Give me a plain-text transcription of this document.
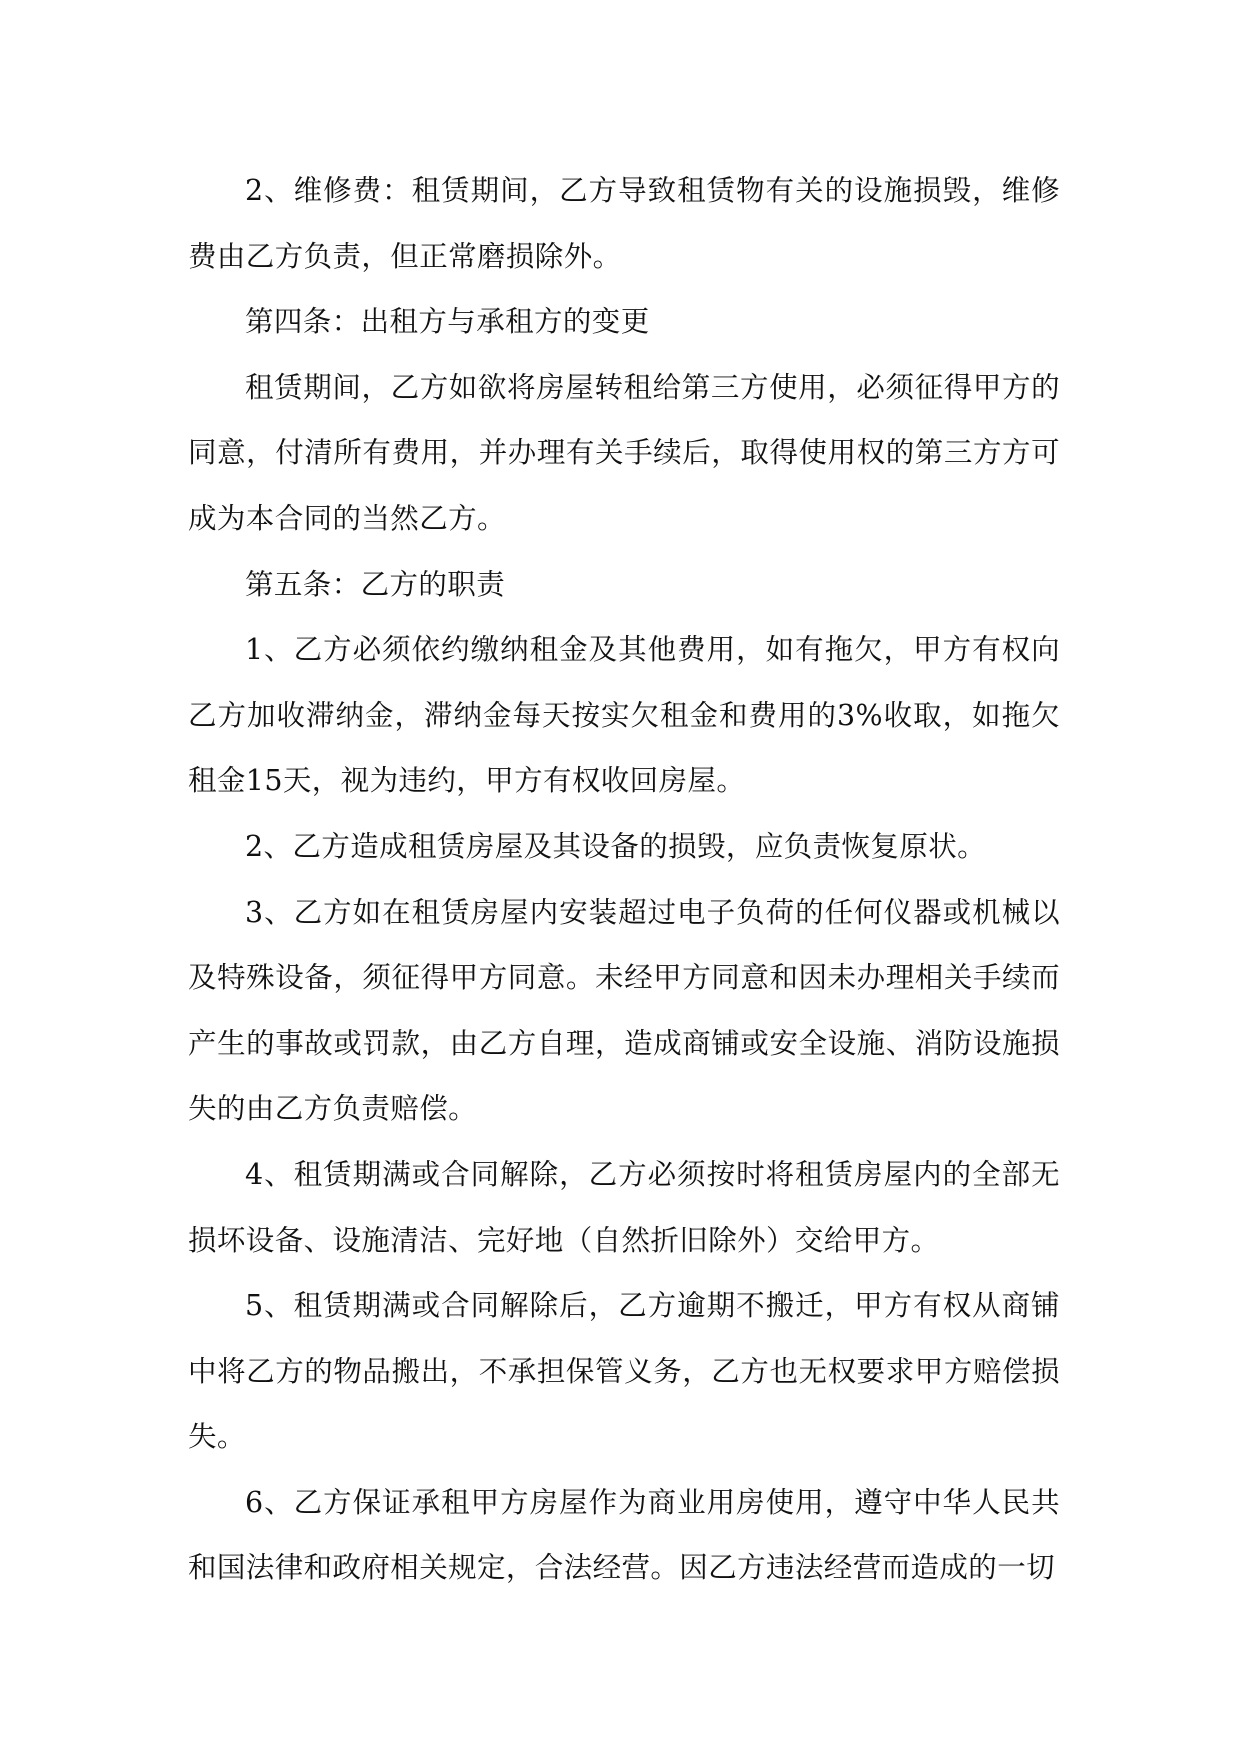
2、维修费：租赁期间，乙方导致租赁物有关的设施损毁，维修费由乙方负责，但正常磨损除外。

第四条：出租方与承租方的变更

租赁期间，乙方如欲将房屋转租给第三方使用，必须征得甲方的同意，付清所有费用，并办理有关手续后，取得使用权的第三方方可成为本合同的当然乙方。

第五条：乙方的职责

1、乙方必须依约缴纳租金及其他费用，如有拖欠，甲方有权向乙方加收滞纳金，滞纳金每天按实欠租金和费用的3%收取，如拖欠租金15天，视为违约，甲方有权收回房屋。

2、乙方造成租赁房屋及其设备的损毁，应负责恢复原状。

3、乙方如在租赁房屋内安装超过电子负荷的任何仪器或机械以及特殊设备，须征得甲方同意。未经甲方同意和因未办理相关手续而产生的事故或罚款，由乙方自理，造成商铺或安全设施、消防设施损失的由乙方负责赔偿。

4、租赁期满或合同解除，乙方必须按时将租赁房屋内的全部无损坏设备、设施清洁、完好地（自然折旧除外）交给甲方。

5、租赁期满或合同解除后，乙方逾期不搬迁，甲方有权从商铺中将乙方的物品搬出，不承担保管义务，乙方也无权要求甲方赔偿损失。

6、乙方保证承租甲方房屋作为商业用房使用，遵守中华人民共和国法律和政府相关规定，合法经营。因乙方违法经营而造成的一切
